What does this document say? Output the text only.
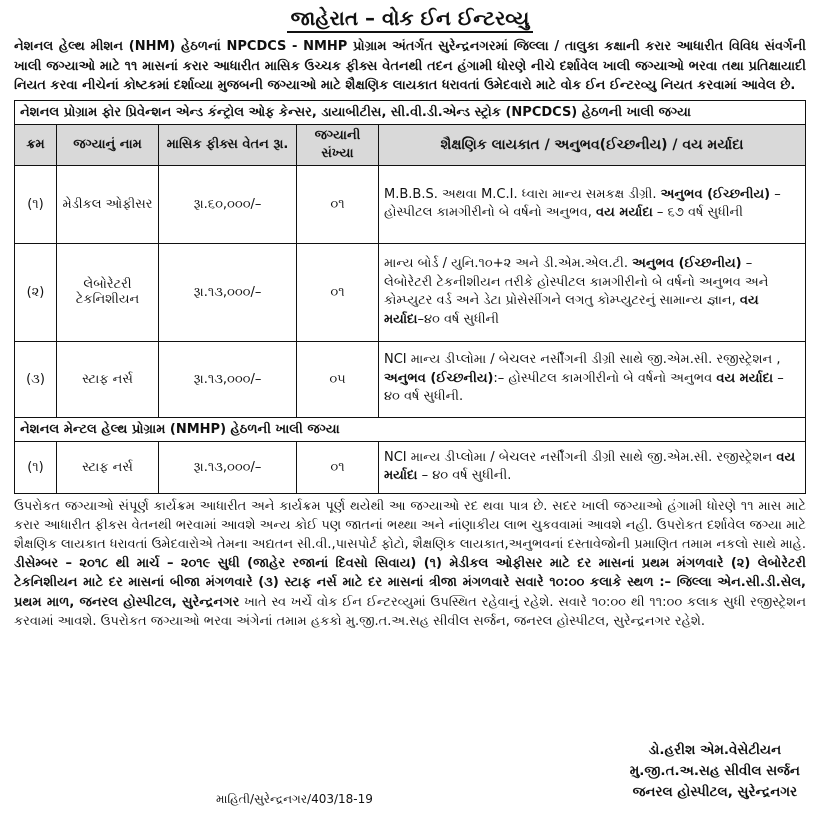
જાહેરાત – વોક ઈન ઈન્ટરવ્યુ
નેશનલ હેલ્થ મીશન (NHM) હેઠળનાં NPCDCS - NMHP પ્રોગ્રામ અંતર્ગત સુરેન્દ્રનગરમાં જિલ્લા / તાલુકા કક્ષાની કરાર આધારીત વિવિધ સંવર્ગની ખાલી જગ્યાઓ માટે ૧૧ માસનાં કરાર આધારીત માસિક ઉચ્ચક ફીક્સ વેતનથી તદન હંગામી ધોરણે નીચે દર્શાવેલ ખાલી જગ્યાઓ ભરવા તથા પ્રતિક્ષાયાદી નિયત કરવા નીચેનાં કોષ્ટકમાં દર્શાવ્યા મુજબની જગ્યાઓ માટે શૈક્ષણિક લાયકાત ધરાવતાં ઉમેદવારો માટે વોક ઈન ઈન્ટરવ્યુ નિયત કરવામાં આવેલ છે.
નેશનલ પ્રોગ્રામ ફોર પ્રિવેન્શન એન્ડ કંન્ટ્રોલ ઓફ કેન્સર, ડાયાબીટીસ, સી.વી.ડી.એન્ડ સ્ટ્રોક (NPCDCS) હેઠળની ખાલી જગ્યા				
ક્રમ	જગ્યાનું નામ	માસિક ફીક્સ વેતન રૂા.	જગ્યાની સંખ્યા	શૈક્ષણિક લાયકાત / અનુભવ(ઈચ્છનીય) / વય મર્યાદા
(૧)	મેડીકલ ઓફીસર	રૂા.૬૦,૦૦૦/–	૦૧	M.B.B.S. અથવા M.C.I. ધ્વારા માન્ય સમકક્ષ ડીગ્રી. અનુભવ (ઈચ્છનીય) – હોસ્પીટલ કામગીરીનો બે વર્ષનો અનુભવ, વય મર્યાદા – ૬૭ વર્ષ સુધીની
(૨)	લેબોરેટરી ટેકનિશીયન	રૂા.૧૩,૦૦૦/–	૦૧	માન્ય બોર્ડ / યુનિ.૧૦+૨ અને ડી.એમ.એલ.ટી. અનુભવ (ઈચ્છનીય) –લેબોરેટરી ટેકનીશીયન તરીકે હોસ્પીટલ કામગીરીનો બે વર્ષનો અનુભવ અને કોમ્પ્યુટર વર્ડ અને ડેટા પ્રોસેસીંગને લગતુ કોમ્પ્યુટરનું સામાન્ય જ્ઞાન, વય મર્યાદા–૪૦ વર્ષ સુધીની
(૩)	સ્ટાફ નર્સ	રૂા.૧૩,૦૦૦/–	૦૫	NCI માન્ય ડીપ્લોમા / બેચલર નર્સીંગની ડીગ્રી સાથે જી.એમ.સી. રજીસ્ટ્રેશન , અનુભવ (ઈચ્છનીય):– હોસ્પીટલ કામગીરીનો બે વર્ષનો અનુભવ વય મર્યાદા – ૪૦ વર્ષ સુધીની.
નેશનલ મેન્ટલ હેલ્થ પ્રોગ્રામ (NMHP) હેઠળની ખાલી જગ્યા				
(૧)	સ્ટાફ નર્સ	રૂા.૧૩,૦૦૦/–	૦૧	NCI માન્ય ડીપ્લોમા / બેચલર નર્સીંગની ડીગ્રી સાથે જી.એમ.સી. રજીસ્ટ્રેશન વય મર્યાદા – ૪૦ વર્ષ સુધીની.
ઉપરોકત જગ્યાઓ સંપૂર્ણ કાર્યક્રમ આધારીત અને કાર્યક્રમ પૂર્ણ થયેથી આ જગ્યાઓ રદ થવા પાત્ર છે. સદર ખાલી જગ્યાઓ હંગામી ધોરણે ૧૧ માસ માટે કરાર આધારીત ફીકસ વેતનથી ભરવામાં આવશે અન્ય કોઈ પણ જાતનાં ભથ્થા અને નાંણાકીય લાભ ચુકવવામાં આવશે નહી. ઉપરોકત દર્શાવેલ જગ્યા માટે શૈક્ષણિક લાયકાત ધરાવતાં ઉમેદવારોએ તેમના અદ્યતન સી.વી.,પાસપોર્ટ ફોટો, શૈક્ષણિક લાયકાત,અનુભવનાં દસ્તાવેજોની પ્રમાણિત તમામ નકલો સાથે માહે. ડીસેમ્બર – ૨૦૧૮ થી માર્ચ – ૨૦૧૯ સુધી (જાહેર રજાનાં દિવસો સિવાય) (૧) મેડીકલ ઓફીસર માટે દર માસનાં પ્રથમ મંગળવારે (૨) લેબોરેટરી ટેકનિશીયન માટે દર માસનાં બીજા મંગળવારે (૩) સ્ટાફ નર્સ માટે દર માસનાં ત્રીજા મંગળવારે સવારે ૧૦:૦૦ કલાકે સ્થળ :– જિલ્લા એન.સી.ડી.સેલ, પ્રથમ માળ, જનરલ હોસ્પીટલ, સુરેન્દ્રનગર ખાતે સ્વ ખર્ચે વોક ઈન ઈન્ટરવ્યુમાં ઉપસ્થિત રહેવાનું રહેશે. સવારે ૧૦:૦૦ થી ૧૧:૦૦ કલાક સુધી રજીસ્ટ્રેશન કરવામાં આવશે. ઉપરોકત જગ્યાઓ ભરવા અંગેનાં તમામ હકકો મુ.જી.ત.અ.સહ સીવીલ સર્જન, જનરલ હોસ્પીટલ, સુરેન્દ્રનગર રહેશે.
ડો.હરીશ એમ.વેસેટીયન
મુ.જી.ત.અ.સહ સીવીલ સર્જન
જનરલ હોસ્પીટલ, સુરેન્દ્રનગર
માહિતી/સુરેન્દ્રનગર/403/18-19
